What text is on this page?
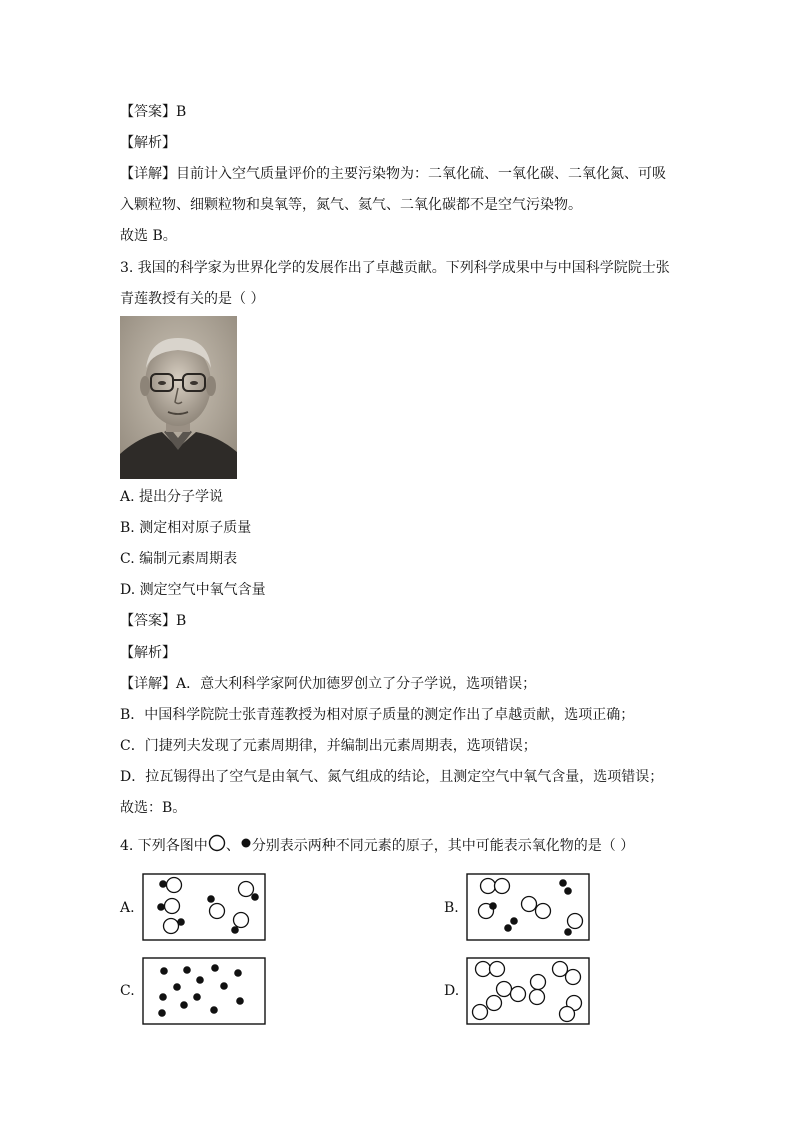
【答案】B
【解析】
【详解】目前计入空气质量评价的主要污染物为：二氧化硫、一氧化碳、二氧化氮、可吸
入颗粒物、细颗粒物和臭氧等，氮气、氦气、二氧化碳都不是空气污染物。
故选 B。
3. 我国的科学家为世界化学的发展作出了卓越贡献。下列科学成果中与中国科学院院士张
青莲教授有关的是（ ）
A. 提出分子学说
B. 测定相对原子质量
C. 编制元素周期表
D. 测定空气中氧气含量
【答案】B
【解析】
【详解】A．意大利科学家阿伏加德罗创立了分子学说，选项错误；
B．中国科学院院士张青莲教授为相对原子质量的测定作出了卓越贡献，选项正确；
C．门捷列夫发现了元素周期律，并编制出元素周期表，选项错误；
D．拉瓦锡得出了空气是由氧气、氮气组成的结论，且测定空气中氧气含量，选项错误；
故选：B。
4. 下列各图中 、 分别表示两种不同元素的原子，其中可能表示氧化物的是（ ）
A.	B.
C.	D.
